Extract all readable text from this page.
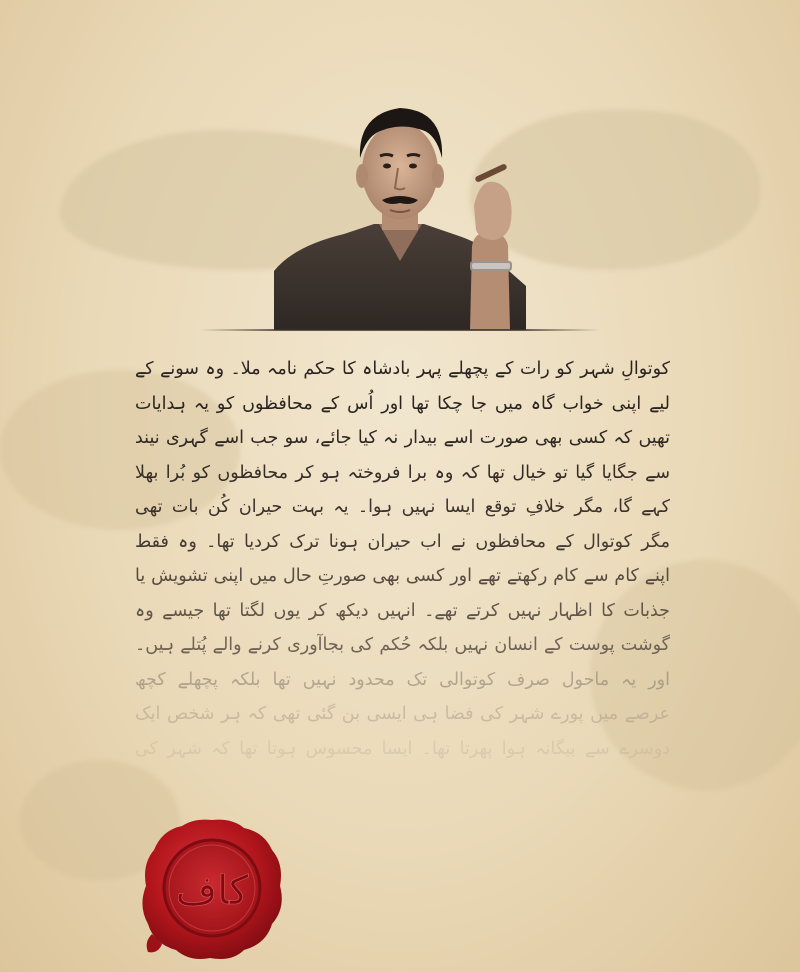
کوتوالِ شہر کو رات کے پچھلے پہر بادشاہ کا حکم نامہ ملا۔ وہ سونے کے
لیے اپنی خواب گاہ میں جا چکا تھا اور اُس کے محافظوں کو یہ ہدایات
تھیں کہ کسی بھی صورت اسے بیدار نہ کیا جائے، سو جب اسے گہری نیند
سے جگایا گیا تو خیال تھا کہ وہ برا فروختہ ہو کر محافظوں کو بُرا بھلا
کہے گا، مگر خلافِ توقع ایسا نہیں ہوا۔ یہ بہت حیران کُن بات تھی
مگر کوتوال کے محافظوں نے اب حیران ہونا ترک کردیا تھا۔ وہ فقط
اپنے کام سے کام رکھتے تھے اور کسی بھی صورتِ حال میں اپنی تشویش یا
جذبات کا اظہار نہیں کرتے تھے۔ انہیں دیکھ کر یوں لگتا تھا جیسے وہ
گوشت پوست کے انسان نہیں بلکہ حُکم کی بجاآوری کرنے والے پُتلے ہیں۔
اور یہ ماحول صرف کوتوالی تک محدود نہیں تھا بلکہ پچھلے کچھ
عرصے میں پورے شہر کی فضا ہی ایسی بن گئی تھی کہ ہر شخص ایک
دوسرے سے بیگانہ ہوا پھرتا تھا۔ ایسا محسوس ہوتا تھا کہ شہر کی
کاف
